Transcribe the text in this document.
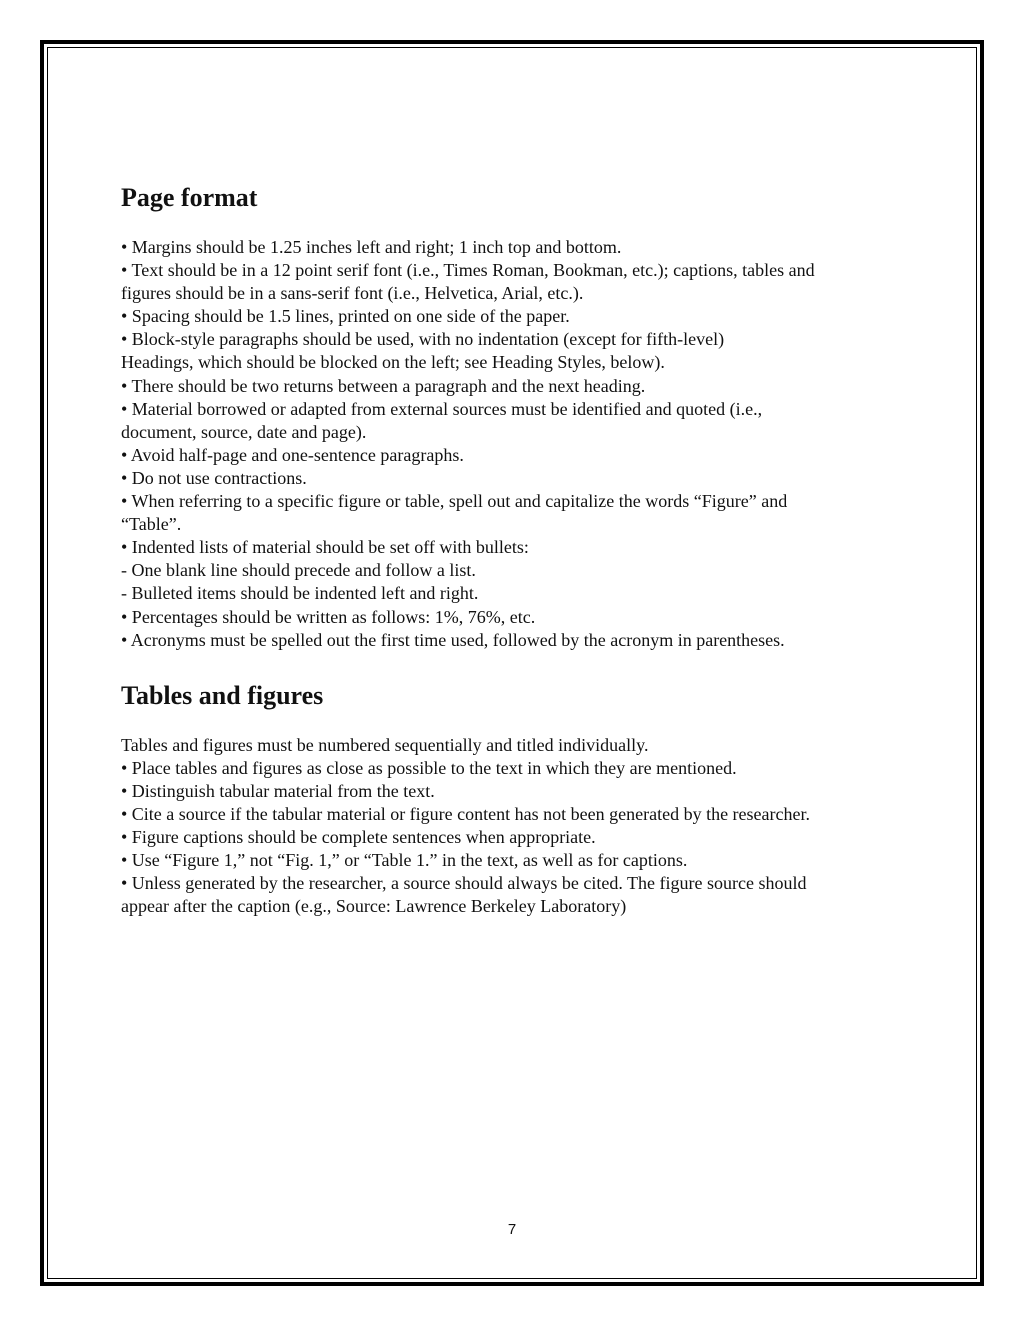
Page format
• Margins should be 1.25 inches left and right; 1 inch top and bottom.
• Text should be in a 12 point serif font (i.e., Times Roman, Bookman, etc.); captions, tables and
figures should be in a sans-serif font (i.e., Helvetica, Arial, etc.).
• Spacing should be 1.5 lines, printed on one side of the paper.
• Block-style paragraphs should be used, with no indentation (except for fifth-level)
Headings, which should be blocked on the left; see Heading Styles, below).
• There should be two returns between a paragraph and the next heading.
• Material borrowed or adapted from external sources must be identified and quoted (i.e.,
document, source, date and page).
• Avoid half-page and one-sentence paragraphs.
• Do not use contractions.
• When referring to a specific figure or table, spell out and capitalize the words “Figure” and
“Table”.
• Indented lists of material should be set off with bullets:
- One blank line should precede and follow a list.
- Bulleted items should be indented left and right.
• Percentages should be written as follows: 1%, 76%, etc.
• Acronyms must be spelled out the first time used, followed by the acronym in parentheses.
Tables and figures
Tables and figures must be numbered sequentially and titled individually.
• Place tables and figures as close as possible to the text in which they are mentioned.
• Distinguish tabular material from the text.
• Cite a source if the tabular material or figure content has not been generated by the researcher.
• Figure captions should be complete sentences when appropriate.
• Use “Figure 1,” not “Fig. 1,” or “Table 1.” in the text, as well as for captions.
• Unless generated by the researcher, a source should always be cited. The figure source should
appear after the caption (e.g., Source: Lawrence Berkeley Laboratory)
7
